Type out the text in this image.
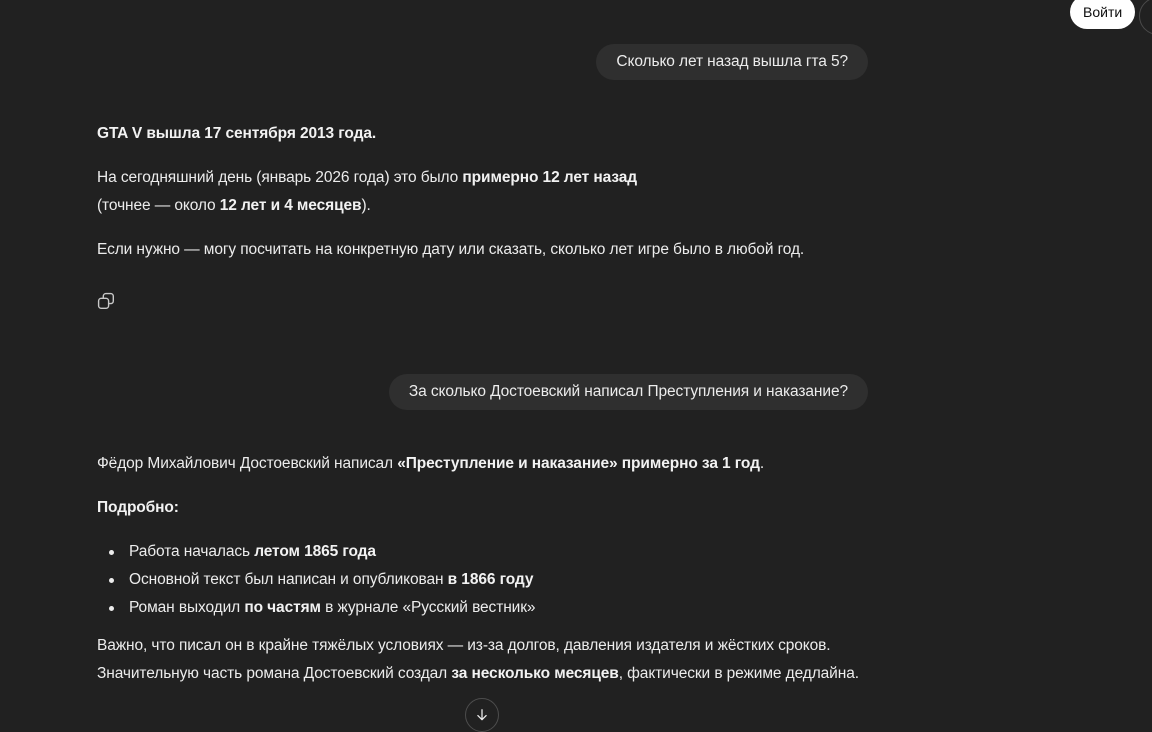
Войти
Сколько лет назад вышла гта 5?

GTA V вышла 17 сентября 2013 года.

На сегодняшний день (январь 2026 года) это было примерно 12 лет назад
(точнее — около 12 лет и 4 месяцев).

Если нужно — могу посчитать на конкретную дату или сказать, сколько лет игре было в любой год.

За сколько Достоевский написал Преступления и наказание?

Фёдор Михайлович Достоевский написал «Преступление и наказание» примерно за 1 год.

Подробно:

Работа началась летом 1865 года
Основной текст был написан и опубликован в 1866 году
Роман выходил по частям в журнале «Русский вестник»

Важно, что писал он в крайне тяжёлых условиях — из-за долгов, давления издателя и жёстких сроков. Значительную часть романа Достоевский создал за несколько месяцев, фактически в режиме дедлайна.
